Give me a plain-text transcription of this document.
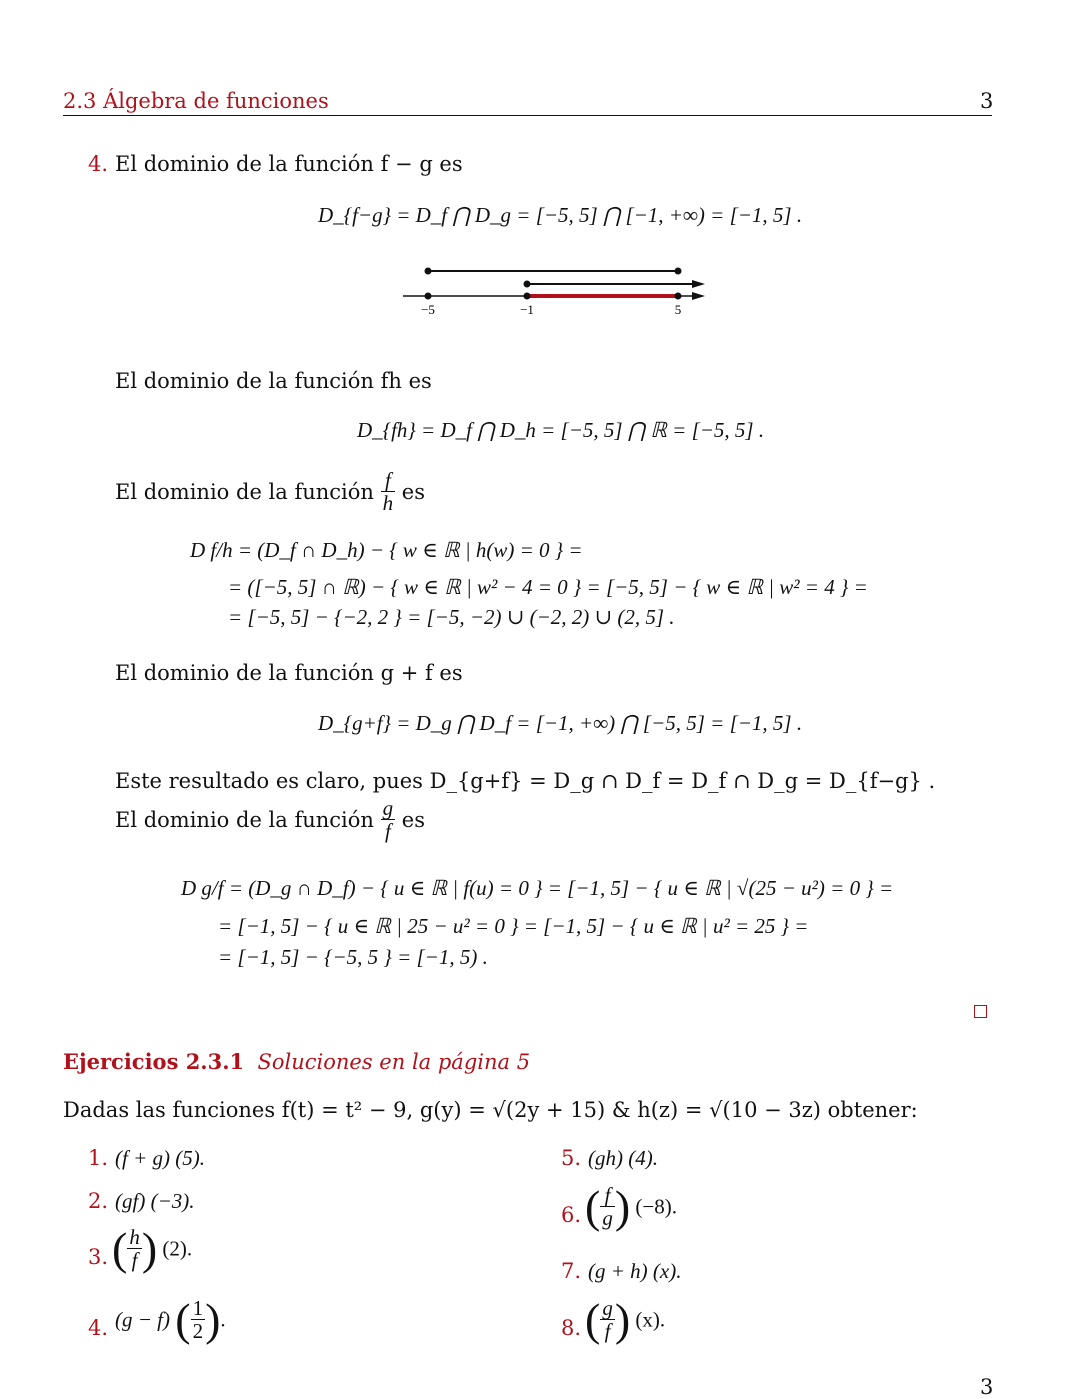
2.3 Álgebra de funciones	3
4. El dominio de la función f − g es
D_{f−g} = D_f ⋂ D_g = [−5, 5] ⋂ [−1, +∞) = [−1, 5] .
−5	−1	5
El dominio de la función fh es
D_{fh} = D_f ⋂ D_h = [−5, 5] ⋂ ℝ = [−5, 5] .
El dominio de la función $\frac{f}{h}$ es
D f/h = (D_f ∩ D_h) − { w ∈ ℝ | h(w) = 0 } =
= ([−5, 5] ∩ ℝ) − { w ∈ ℝ | w² − 4 = 0 } = [−5, 5] − { w ∈ ℝ | w² = 4 } =
= [−5, 5] − {−2, 2 } = [−5, −2) ∪ (−2, 2) ∪ (2, 5] .
El dominio de la función g + f es
D_{g+f} = D_g ⋂ D_f = [−1, +∞) ⋂ [−5, 5] = [−1, 5] .
Este resultado es claro, pues D_{g+f} = D_g ∩ D_f = D_f ∩ D_g = D_{f−g} .
El dominio de la función $\frac{g}{f}$ es
D g/f = (D_g ∩ D_f) − { u ∈ ℝ | f(u) = 0 } = [−1, 5] − { u ∈ ℝ | √(25 − u²) = 0 } =
= [−1, 5] − { u ∈ ℝ | 25 − u² = 0 } = [−1, 5] − { u ∈ ℝ | u² = 25 } =
= [−1, 5] − {−5, 5 } = [−1, 5) .
Ejercicios 2.3.1 Soluciones en la página 5
Dadas las funciones f(t) = t² − 9, g(y) = √(2y + 15) & h(z) = √(10 − 3z) obtener:
1. (f + g) (5).
2. (gf) (−3).
3. ( $\frac{h}{f}$ ) (2).
4. (g − f) ( $\frac{1}{2}$ ).
5. (gh) (4).
6. ( $\frac{f}{g}$ ) (−8).
7. (g + h) (x).
8. ( $\frac{g}{f}$ ) (x).
3
